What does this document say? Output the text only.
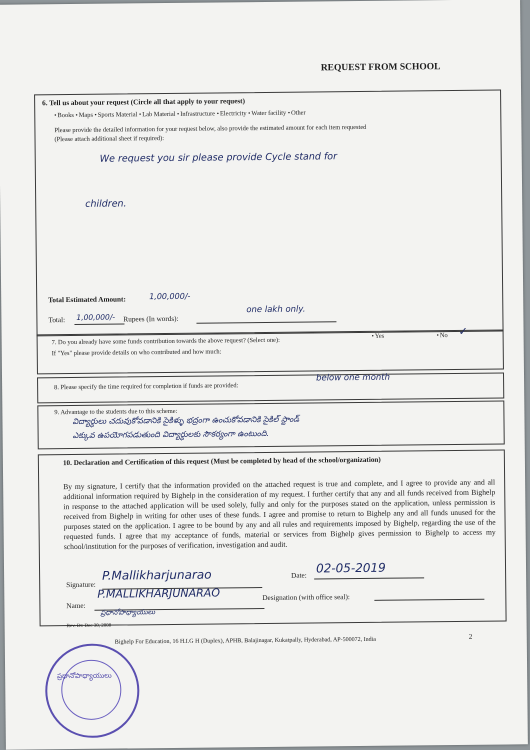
REQUEST FROM SCHOOL
6. Tell us about your request (Circle all that apply to your request)
• Books • Maps • Sports Material • Lab Material • Infrastructure • Electricity • Water facility • Other
Please provide the detailed information for your request below, also provide the estimated amount for each item requested
(Please attach additional sheet if required):
We request you sir please provide Cycle stand for
children.
Total Estimated Amount:	1,00,000/-
Total: 1,00,000/- Rupees (In words):
one lakh only.
7. Do you already have some funds contribution towards the above request? (Select one):
• Yes	• No ✓
If "Yes" please provide details on who contributed and how much:
8. Please specify the time required for completion if funds are provided:
below one month
9. Advantage to the students due to this scheme:
విద్యార్థులు చదువుకోవడానికి సైకిళ్ళు భద్రంగా ఉంచుకోవడానికి సైకిల్ స్టాండ్
ఎక్కువ ఉపయోగపడుతుంది విద్యార్థులకు సౌకర్యంగా ఉంటుంది.
10. Declaration and Certification of this request (Must be completed by head of the school/organization)
By my signature, I certify that the information provided on the attached request is true and complete, and I agree to provide any and all additional information required by Bighelp in the consideration of my request. I further certify that any and all funds received from Bighelp in response to the attached application will be used solely, fully and only for the purposes stated on the application, unless permission is received from Bighelp in writing for other uses of these funds. I agree and promise to return to Bighelp any and all funds unused for the purposes stated on the application. I agree to be bound by any and all rules and requirements imposed by Bighelp, regarding the use of the requested funds. I agree that my acceptance of funds, material or services from Bighelp gives permission to Bighelp to access my school/institution for the purposes of verification, investigation and audit.
Signature:
P.Mallikharjunarao	Date:
02-05-2019
Name:
P.MALLIKHARJUNARAO	Designation (with office seal):
ప్రధానోపాధ్యాయులు
Rev. Dt: Dec 30, 2008
Bighelp For Education, 16 H.I.G H (Duplex), APHB, Balajinagar, Kukatpally, Hyderabad, AP-500072, India	2
ప్రధానోపాధ్యాయులు
